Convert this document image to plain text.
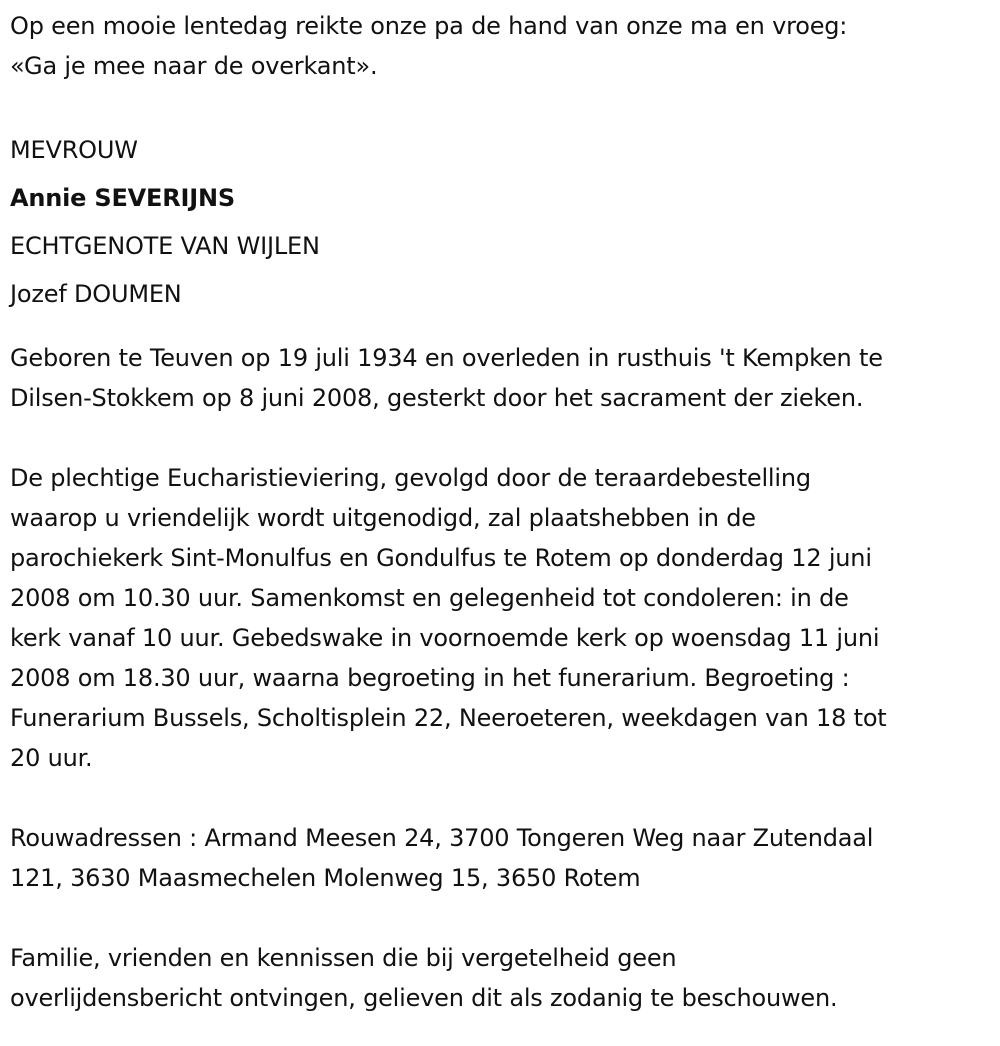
Op een mooie lentedag reikte onze pa de hand van onze ma en vroeg:
«Ga je mee naar de overkant».
MEVROUW
Annie SEVERIJNS
ECHTGENOTE VAN WIJLEN
Jozef DOUMEN
Geboren te Teuven op 19 juli 1934 en overleden in rusthuis 't Kempken te
Dilsen-Stokkem op 8 juni 2008, gesterkt door het sacrament der zieken.
De plechtige Eucharistieviering, gevolgd door de teraardebestelling
waarop u vriendelijk wordt uitgenodigd, zal plaatshebben in de
parochiekerk Sint-Monulfus en Gondulfus te Rotem op donderdag 12 juni
2008 om 10.30 uur. Samenkomst en gelegenheid tot condoleren: in de
kerk vanaf 10 uur. Gebedswake in voornoemde kerk op woensdag 11 juni
2008 om 18.30 uur, waarna begroeting in het funerarium. Begroeting :
Funerarium Bussels, Scholtisplein 22, Neeroeteren, weekdagen van 18 tot
20 uur.
Rouwadressen : Armand Meesen 24, 3700 Tongeren Weg naar Zutendaal
121, 3630 Maasmechelen Molenweg 15, 3650 Rotem
Familie, vrienden en kennissen die bij vergetelheid geen
overlijdensbericht ontvingen, gelieven dit als zodanig te beschouwen.
